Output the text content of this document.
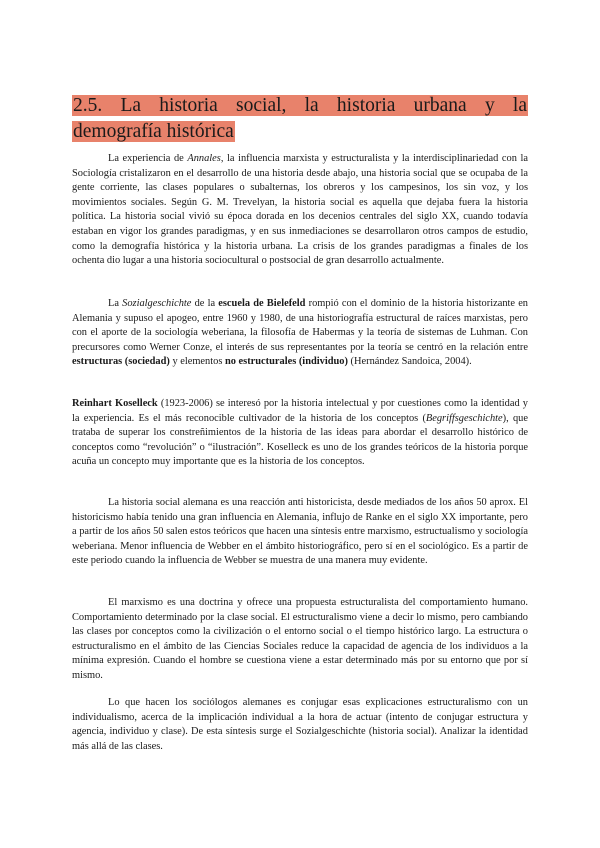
2.5. La historia social, la historia urbana y la
demografía histórica

La experiencia de Annales, la influencia marxista y estructuralista y la interdisciplinariedad con la Sociología cristalizaron en el desarrollo de una historia desde abajo, una historia social que se ocupaba de la gente corriente, las clases populares o subalternas, los obreros y los campesinos, los sin voz, y los movimientos sociales. Según G. M. Trevelyan, la historia social es aquella que dejaba fuera la historia política. La historia social vivió su época dorada en los decenios centrales del siglo XX, cuando todavía estaban en vigor los grandes paradigmas, y en sus inmediaciones se desarrollaron otros campos de estudio, como la demografía histórica y la historia urbana. La crisis de los grandes paradigmas a finales de los ochenta dio lugar a una historia sociocultural o postsocial de gran desarrollo actualmente.

La Sozialgeschichte de la escuela de Bielefeld rompió con el dominio de la historia historizante en Alemania y supuso el apogeo, entre 1960 y 1980, de una historiografía estructural de raíces marxistas, pero con el aporte de la sociología weberiana, la filosofía de Habermas y la teoría de sistemas de Luhman. Con precursores como Werner Conze, el interés de sus representantes por la teoría se centró en la relación entre estructuras (sociedad) y elementos no estructurales (individuo) (Hernández Sandoica, 2004).

Reinhart Koselleck (1923-2006) se interesó por la historia intelectual y por cuestiones como la identidad y la experiencia. Es el más reconocible cultivador de la historia de los conceptos (Begriffsgeschichte), que trataba de superar los constreñimientos de la historia de las ideas para abordar el desarrollo histórico de conceptos como “revolución” o “ilustración”. Koselleck es uno de los grandes teóricos de la historia porque acuña un concepto muy importante que es la historia de los conceptos.

La historia social alemana es una reacción anti historicista, desde mediados de los años 50 aprox. El historicismo había tenido una gran influencia en Alemania, influjo de Ranke en el siglo XX importante, pero a partir de los años 50 salen estos teóricos que hacen una síntesis entre marxismo, estructualismo y sociología weberiana. Menor influencia de Webber en el ámbito historiográfico, pero sí en el sociológico. Es a partir de este periodo cuando la influencia de Webber se muestra de una manera muy evidente.

El marxismo es una doctrina y ofrece una propuesta estructuralista del comportamiento humano. Comportamiento determinado por la clase social. El estructuralismo viene a decir lo mismo, pero cambiando las clases por conceptos como la civilización o el entorno social o el tiempo histórico largo. La estructura o estructuralismo en el ámbito de las Ciencias Sociales reduce la capacidad de agencia de los individuos a la mínima expresión. Cuando el hombre se cuestiona viene a estar determinado más por su entorno que por sí mismo.

Lo que hacen los sociólogos alemanes es conjugar esas explicaciones estructuralismo con un individualismo, acerca de la implicación individual a la hora de actuar (intento de conjugar estructura y agencia, individuo y clase). De esta síntesis surge el Sozialgeschichte (historia social). Analizar la identidad más allá de las clases.
